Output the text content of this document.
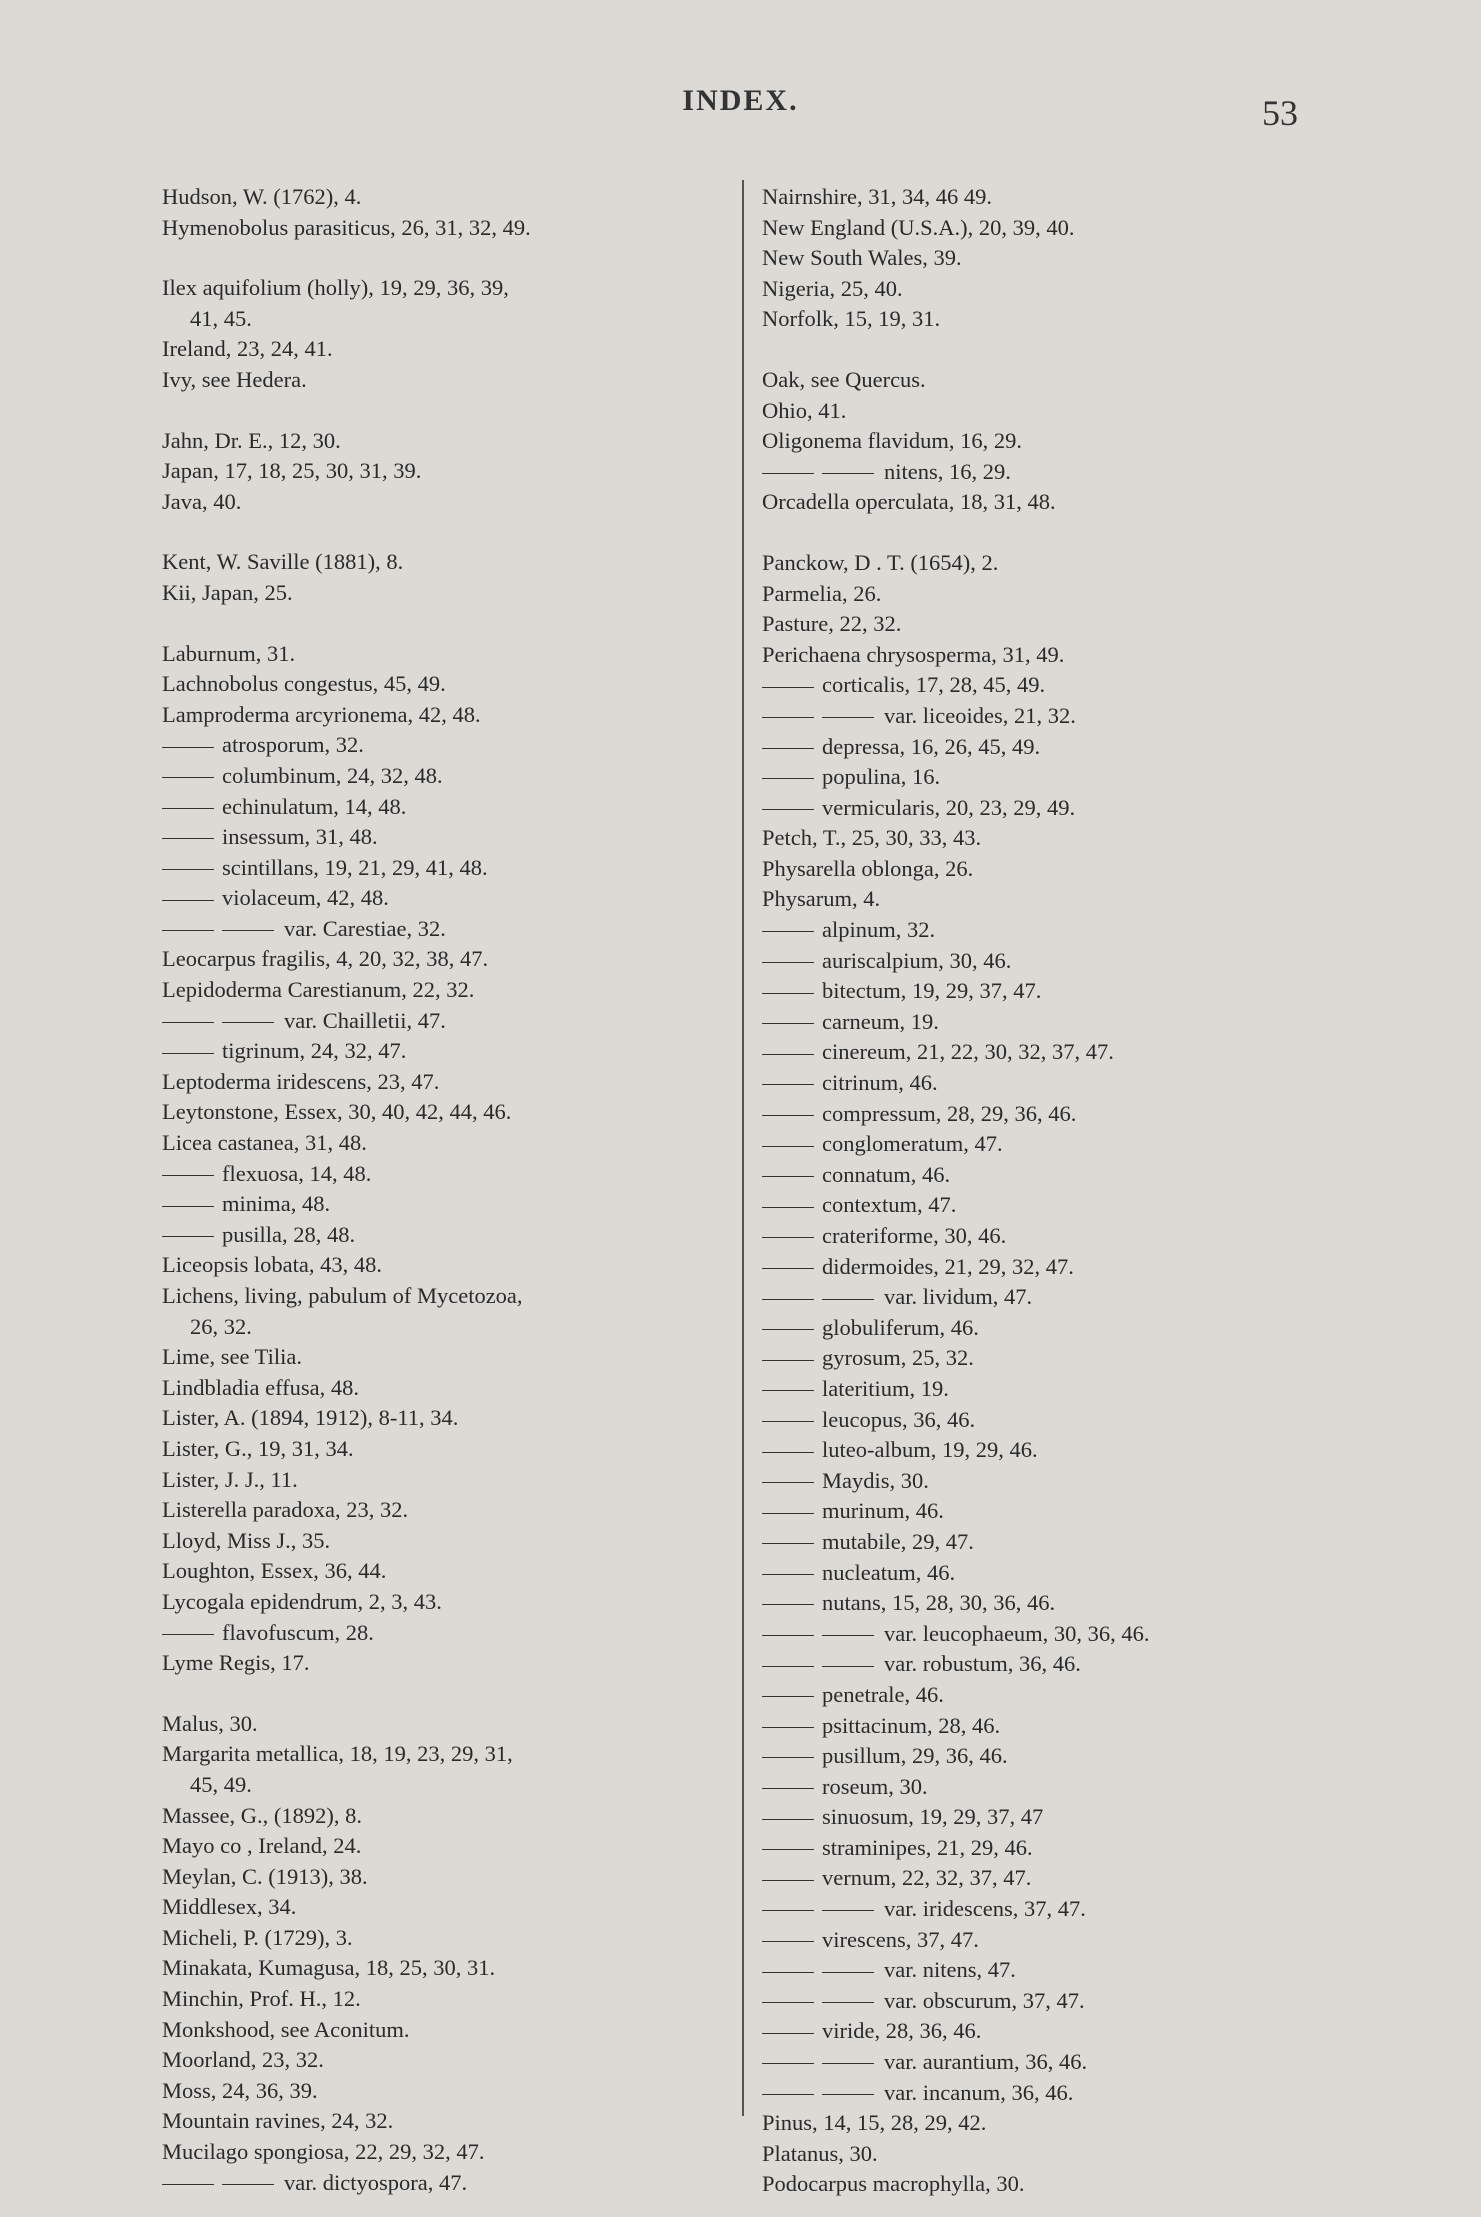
INDEX.	53
Hudson, W. (1762), 4.
Hymenobolus parasiticus, 26, 31, 32, 49.
Ilex aquifolium (holly), 19, 29, 36, 39,
41, 45.
Ireland, 23, 24, 41.
Ivy, see Hedera.
Jahn, Dr. E., 12, 30.
Japan, 17, 18, 25, 30, 31, 39.
Java, 40.
Kent, W. Saville (1881), 8.
Kii, Japan, 25.
Laburnum, 31.
Lachnobolus congestus, 45, 49.
Lamproderma arcyrionema, 42, 48.
atrosporum, 32.
columbinum, 24, 32, 48.
echinulatum, 14, 48.
insessum, 31, 48.
scintillans, 19, 21, 29, 41, 48.
violaceum, 42, 48.
var. Carestiae, 32.
Leocarpus fragilis, 4, 20, 32, 38, 47.
Lepidoderma Carestianum, 22, 32.
var. Chailletii, 47.
tigrinum, 24, 32, 47.
Leptoderma iridescens, 23, 47.
Leytonstone, Essex, 30, 40, 42, 44, 46.
Licea castanea, 31, 48.
flexuosa, 14, 48.
minima, 48.
pusilla, 28, 48.
Liceopsis lobata, 43, 48.
Lichens, living, pabulum of Mycetozoa,
26, 32.
Lime, see Tilia.
Lindbladia effusa, 48.
Lister, A. (1894, 1912), 8-11, 34.
Lister, G., 19, 31, 34.
Lister, J. J., 11.
Listerella paradoxa, 23, 32.
Lloyd, Miss J., 35.
Loughton, Essex, 36, 44.
Lycogala epidendrum, 2, 3, 43.
flavofuscum, 28.
Lyme Regis, 17.
Malus, 30.
Margarita metallica, 18, 19, 23, 29, 31,
45, 49.
Massee, G., (1892), 8.
Mayo co , Ireland, 24.
Meylan, C. (1913), 38.
Middlesex, 34.
Micheli, P. (1729), 3.
Minakata, Kumagusa, 18, 25, 30, 31.
Minchin, Prof. H., 12.
Monkshood, see Aconitum.
Moorland, 23, 32.
Moss, 24, 36, 39.
Mountain ravines, 24, 32.
Mucilago spongiosa, 22, 29, 32, 47.
var. dictyospora, 47.
Nairnshire, 31, 34, 46 49.
New England (U.S.A.), 20, 39, 40.
New South Wales, 39.
Nigeria, 25, 40.
Norfolk, 15, 19, 31.
Oak, see Quercus.
Ohio, 41.
Oligonema flavidum, 16, 29.
nitens, 16, 29.
Orcadella operculata, 18, 31, 48.
Panckow, D . T. (1654), 2.
Parmelia, 26.
Pasture, 22, 32.
Perichaena chrysosperma, 31, 49.
corticalis, 17, 28, 45, 49.
var. liceoides, 21, 32.
depressa, 16, 26, 45, 49.
populina, 16.
vermicularis, 20, 23, 29, 49.
Petch, T., 25, 30, 33, 43.
Physarella oblonga, 26.
Physarum, 4.
alpinum, 32.
auriscalpium, 30, 46.
bitectum, 19, 29, 37, 47.
carneum, 19.
cinereum, 21, 22, 30, 32, 37, 47.
citrinum, 46.
compressum, 28, 29, 36, 46.
conglomeratum, 47.
connatum, 46.
contextum, 47.
crateriforme, 30, 46.
didermoides, 21, 29, 32, 47.
var. lividum, 47.
globuliferum, 46.
gyrosum, 25, 32.
lateritium, 19.
leucopus, 36, 46.
luteo-album, 19, 29, 46.
Maydis, 30.
murinum, 46.
mutabile, 29, 47.
nucleatum, 46.
nutans, 15, 28, 30, 36, 46.
var. leucophaeum, 30, 36, 46.
var. robustum, 36, 46.
penetrale, 46.
psittacinum, 28, 46.
pusillum, 29, 36, 46.
roseum, 30.
sinuosum, 19, 29, 37, 47
straminipes, 21, 29, 46.
vernum, 22, 32, 37, 47.
var. iridescens, 37, 47.
virescens, 37, 47.
var. nitens, 47.
var. obscurum, 37, 47.
viride, 28, 36, 46.
var. aurantium, 36, 46.
var. incanum, 36, 46.
Pinus, 14, 15, 28, 29, 42.
Platanus, 30.
Podocarpus macrophylla, 30.
